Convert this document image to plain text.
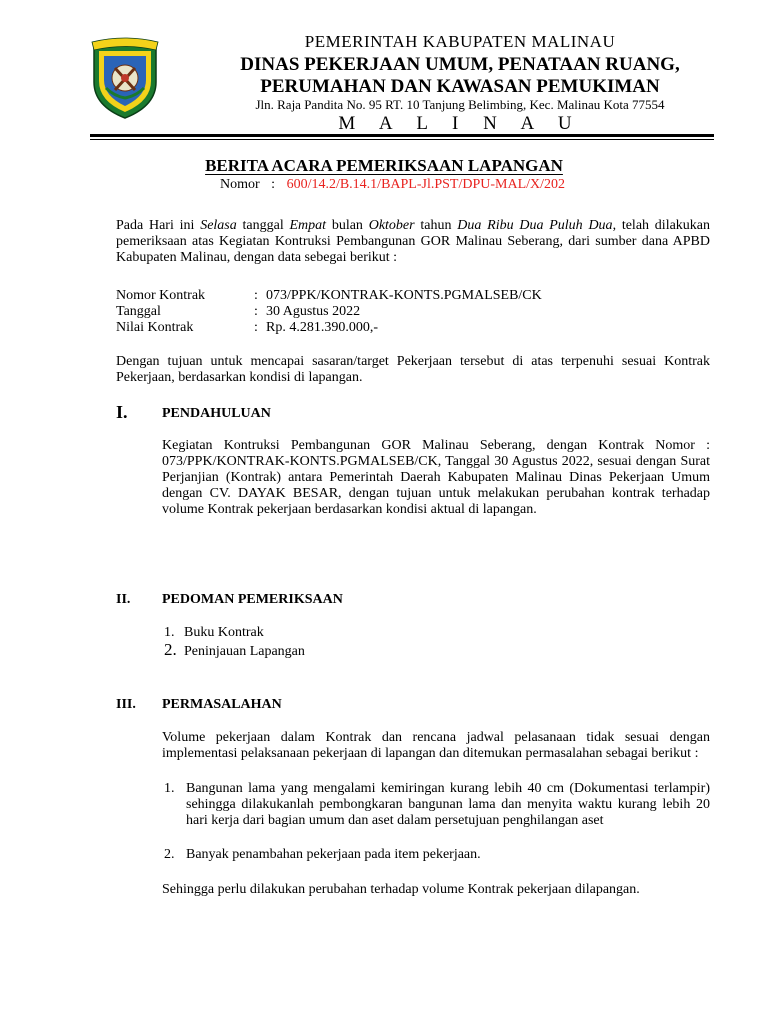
PEMERINTAH KABUPATEN MALINAU
DINAS PEKERJAAN UMUM, PENATAAN RUANG,
PERUMAHAN DAN KAWASAN PEMUKIMAN
Jln. Raja Pandita No. 95 RT. 10 Tanjung Belimbing, Kec. Malinau Kota 77554
M A L I N A U
BERITA ACARA PEMERIKSAAN LAPANGAN
Nomor : 600/14.2/B.14.1/BAPL-Jl.PST/DPU-MAL/X/202
Pada Hari ini Selasa tanggal Empat bulan Oktober tahun Dua Ribu Dua Puluh Dua, telah dilakukan pemeriksaan atas Kegiatan Kontruksi Pembangunan GOR Malinau Seberang, dari sumber dana APBD Kabupaten Malinau, dengan data sebegai berikut :
Nomor Kontrak	: 073/PPK/KONTRAK-KONTS.PGMALSEB/CK
Tanggal	: 30 Agustus 2022
Nilai Kontrak	: Rp. 4.281.390.000,-
Dengan tujuan untuk mencapai sasaran/target Pekerjaan tersebut di atas terpenuhi sesuai Kontrak Pekerjaan, berdasarkan kondisi di lapangan.
I. PENDAHULUAN
Kegiatan Kontruksi Pembangunan GOR Malinau Seberang, dengan Kontrak Nomor : 073/PPK/KONTRAK-KONTS.PGMALSEB/CK, Tanggal 30 Agustus 2022, sesuai dengan Surat Perjanjian (Kontrak) antara Pemerintah Daerah Kabupaten Malinau Dinas Pekerjaan Umum dengan CV. DAYAK BESAR, dengan tujuan untuk melakukan perubahan kontrak terhadap volume Kontrak pekerjaan berdasarkan kondisi aktual di lapangan.
II. PEDOMAN PEMERIKSAAN
1. Buku Kontrak
2. Peninjauan Lapangan
III. PERMASALAHAN
Volume pekerjaan dalam Kontrak dan rencana jadwal pelasanaan tidak sesuai dengan implementasi pelaksanaan pekerjaan di lapangan dan ditemukan permasalahan sebagai berikut :
1. Bangunan lama yang mengalami kemiringan kurang lebih 40 cm (Dokumentasi terlampir) sehingga dilakukanlah pembongkaran bangunan lama dan menyita waktu kurang lebih 20 hari kerja dari bagian umum dan aset dalam persetujuan penghilangan aset
2. Banyak penambahan pekerjaan pada item pekerjaan.
Sehingga perlu dilakukan perubahan terhadap volume Kontrak pekerjaan dilapangan.
